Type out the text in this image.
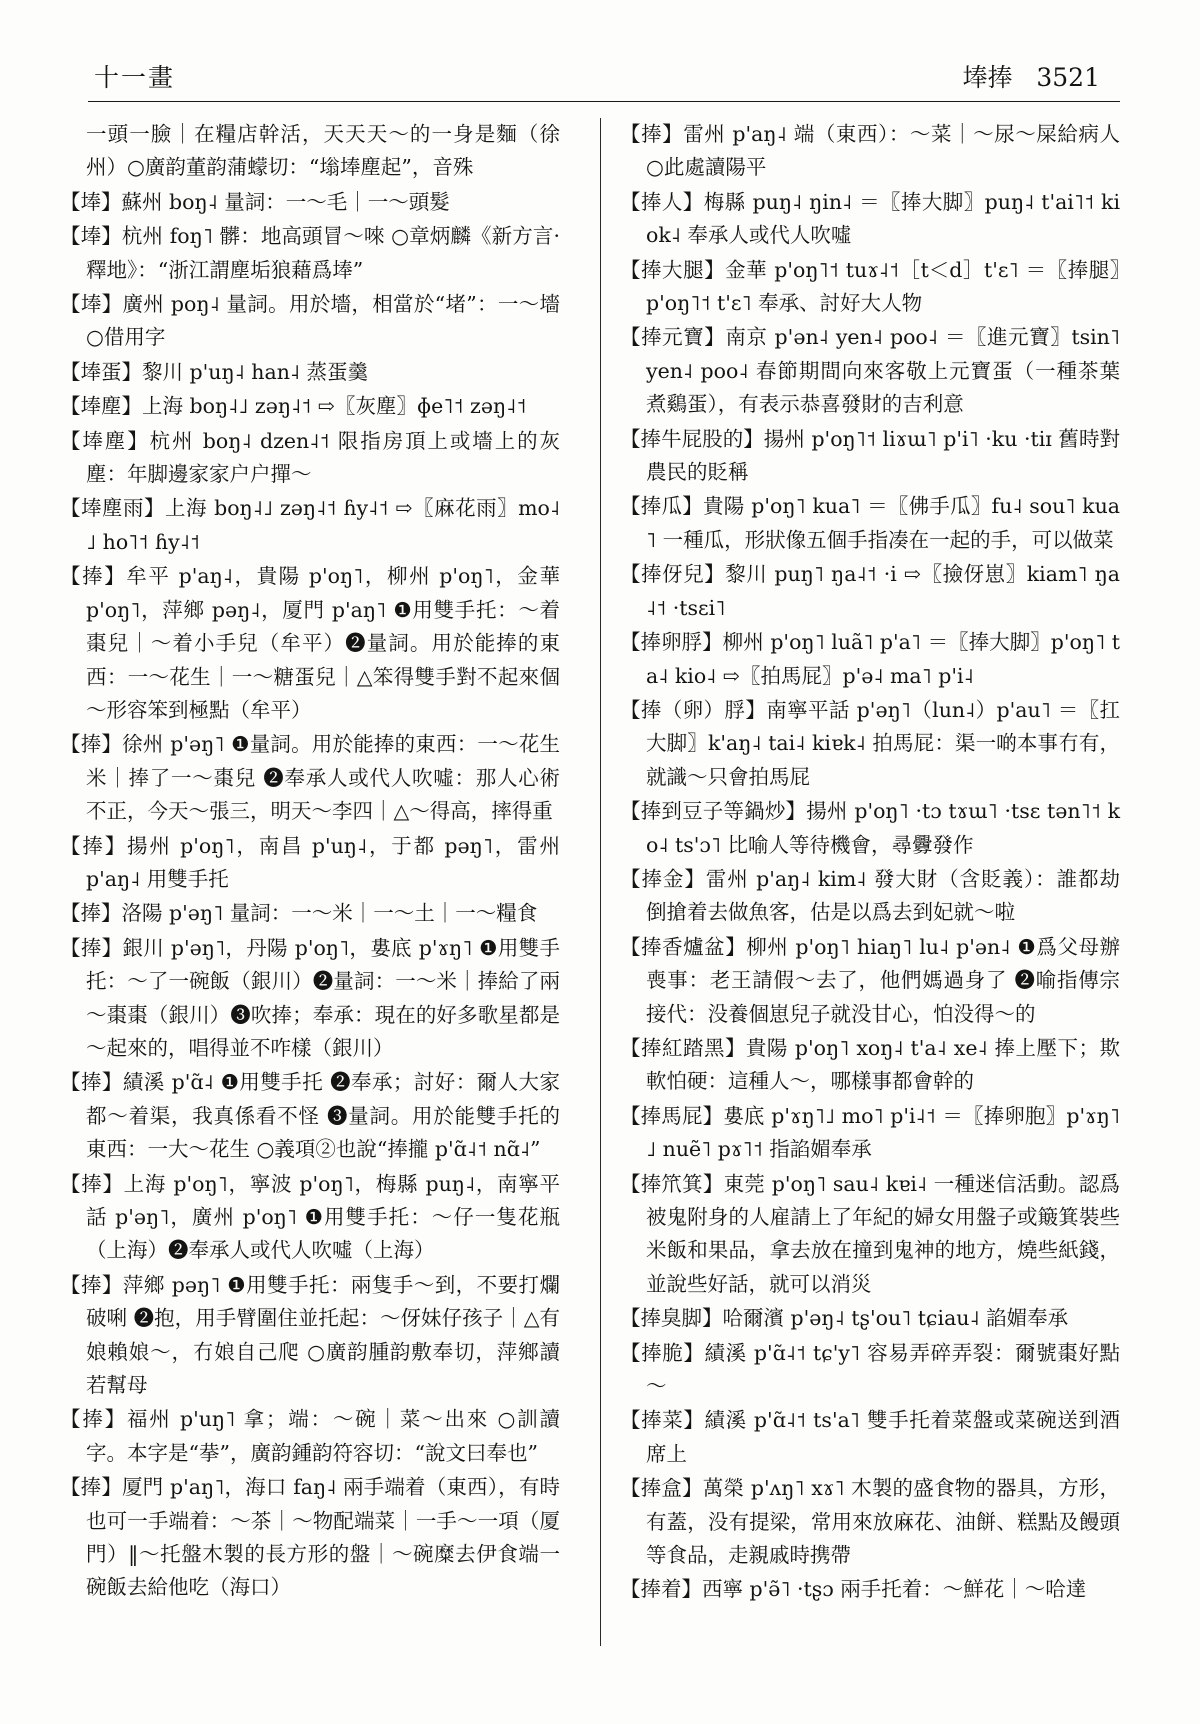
十一畫	埲捧 3521

一頭一臉｜在糧店幹活，天天天～的一身是麵（徐州）○廣韵董韵蒲蠓切：“塕埲塵起”，音殊

【埲】蘇州 boŋ˨ 量詞：一～毛｜一～頭髮

【埲】杭州 foŋ˥ 髒：地高頭冒～唻 ○章炳麟《新方言·釋地》：“浙江謂塵垢狼藉爲埲”

【埲】廣州 poŋ˨ 量詞。用於墻，相當於“堵”：一～墻 ○借用字

【埲蛋】黎川 p'uŋ˨ han˨ 蒸蛋羹

【埲塵】上海 boŋ˨˩ zəŋ˨˦ ⇨〖灰塵〗ɸe˥˦ zəŋ˨˦

【埲塵】杭州 boŋ˨ dzen˨˦ 限指房頂上或墻上的灰塵：年脚邊家家户户撣～

【埲塵雨】上海 boŋ˨˩ zəŋ˨˦ ɦy˨˦ ⇨〖麻花雨〗mo˨˩ ho˥˦ ɦy˨˦

【捧】牟平 p'aŋ˨，貴陽 p'oŋ˥，柳州 p'oŋ˥，金華 p'oŋ˥，萍鄉 pəŋ˨，厦門 p'aŋ˥ ❶用雙手托：～着棗兒｜～着小手兒（牟平）❷量詞。用於能捧的東西：一～花生｜一～糖蛋兒｜△笨得雙手對不起來個～形容笨到極點（牟平）

【捧】徐州 p'əŋ˥ ❶量詞。用於能捧的東西：一～花生米｜捧了一～棗兒 ❷奉承人或代人吹噓：那人心術不正，今天～張三，明天～李四｜△～得高，摔得重

【捧】揚州 p'oŋ˥，南昌 p'uŋ˨，于都 pəŋ˥，雷州 p'aŋ˨ 用雙手托

【捧】洛陽 p'əŋ˥ 量詞：一～米｜一～土｜一～糧食

【捧】銀川 p'əŋ˥，丹陽 p'oŋ˥，婁底 p'ɤŋ˥ ❶用雙手托：～了一碗飯（銀川）❷量詞：一～米｜捧給了兩～棗棗（銀川）❸吹捧；奉承：現在的好多歌星都是～起來的，唱得並不咋樣（銀川）

【捧】績溪 p'ɑ̃˨ ❶用雙手托 ❷奉承；討好：爾人大家都～着渠，我真係看不怪 ❸量詞。用於能雙手托的東西：一大～花生 ○義項②也說“捧攏 p'ɑ̃˨˦ nɑ̃˨”

【捧】上海 p'oŋ˥，寧波 p'oŋ˥，梅縣 puŋ˨，南寧平話 p'əŋ˥，廣州 p'oŋ˥ ❶用雙手托：～仔一隻花瓶（上海）❷奉承人或代人吹噓（上海）

【捧】萍鄉 pəŋ˥ ❶用雙手托：兩隻手～到，不要打爛破唎 ❷抱，用手臂圍住並托起：～伢妹仔孩子｜△有娘賴娘～，冇娘自己爬 ○廣韵腫韵敷奉切，萍鄉讀若幫母

【捧】福州 p'uŋ˥ 拿；端：～碗｜菜～出來 ○訓讀字。本字是“拲”，廣韵鍾韵符容切：“說文曰奉也”

【捧】厦門 p'aŋ˥，海口 faŋ˨ 兩手端着（東西），有時也可一手端着：～茶｜～物配端菜｜一手～一項（厦門）‖～托盤木製的長方形的盤｜～碗糜去伊食端一碗飯去給他吃（海口）

【捧】雷州 p'aŋ˨ 端（東西）：～菜｜～尿～屎給病人 ○此處讀陽平

【捧人】梅縣 puŋ˨ ŋin˨ ＝〖捧大脚〗puŋ˨ t'ai˥˦ kiok˨ 奉承人或代人吹噓

【捧大腿】金華 p'oŋ˥˦ tuɤ˨˦［t＜d］t'ɛ˥ ＝〖捧腿〗p'oŋ˥˦ t'ɛ˥ 奉承、討好大人物

【捧元寶】南京 p'ən˨ yen˨ poo˨ ＝〖進元寶〗tsin˥ yen˨ poo˨ 春節期間向來客敬上元寶蛋（一種茶葉煮鷄蛋），有表示恭喜發財的吉利意

【捧牛屁股的】揚州 p'oŋ˥˦ liɤɯ˥ p'i˥ ·ku ·tiɪ 舊時對農民的貶稱

【捧瓜】貴陽 p'oŋ˥ kua˥ ＝〖佛手瓜〗fu˨ sou˥ kua˥ 一種瓜，形狀像五個手指凑在一起的手，可以做菜

【捧伢兒】黎川 puŋ˥ ŋa˨˦ ·i ⇨〖撿伢崽〗kiam˥ ŋa˨˦ ·tsɛi˥

【捧卵脬】柳州 p'oŋ˥ luã˥ p'a˥ ＝〖捧大脚〗p'oŋ˥ ta˨ kio˨ ⇨〖拍馬屁〗p'ə˨ ma˥ p'i˨

【捧（卵）脬】南寧平話 p'əŋ˥（lun˨）p'au˥ ＝〖扛大脚〗k'aŋ˨ tai˨ kiɐk˨ 拍馬屁：渠一啲本事冇有，就識～只會拍馬屁

【捧到豆子等鍋炒】揚州 p'oŋ˥ ·tɔ tɤɯ˥ ·tsɛ tən˥˦ ko˨ ts'ɔ˥ 比喻人等待機會，尋釁發作

【捧金】雷州 p'aŋ˨ kim˨ 發大財（含貶義）：誰都劫倒搶着去做魚客，估是以爲去到妃就～啦

【捧香爐盆】柳州 p'oŋ˥ hiaŋ˥ lu˨ p'ən˨ ❶爲父母辦喪事：老王請假～去了，他們媽過身了 ❷喻指傳宗接代：没養個崽兒子就没甘心，怕没得～的

【捧紅踏黑】貴陽 p'oŋ˥ xoŋ˨ t'a˨ xe˨ 捧上壓下；欺軟怕硬：這種人～，哪樣事都會幹的

【捧馬屁】婁底 p'ɤŋ˥˩ mo˥ p'i˨˦ ＝〖捧卵胞〗p'ɤŋ˥˩ nuẽ˥ pɤ˥˦ 指諂媚奉承

【捧笊箕】東莞 p'oŋ˥ sau˨ kɐi˨ 一種迷信活動。認爲被鬼附身的人雇請上了年紀的婦女用盤子或簸箕裝些米飯和果品，拿去放在撞到鬼神的地方，燒些紙錢，並說些好話，就可以消災

【捧臭脚】哈爾濱 p'əŋ˨ tʂ'ou˥ tɕiau˨ 諂媚奉承

【捧脆】績溪 p'ɑ̃˨˦ tɕ'y˥ 容易弄碎弄裂：爾號棗好點～

【捧菜】績溪 p'ɑ̃˨˦ ts'a˥ 雙手托着菜盤或菜碗送到酒席上

【捧盒】萬榮 p'ʌŋ˥ xɤ˥ 木製的盛食物的器具，方形，有蓋，没有提梁，常用來放麻花、油餅、糕點及饅頭等食品，走親戚時携帶

【捧着】西寧 p'ə̃˥ ·tʂɔ 兩手托着：～鮮花｜～哈達
